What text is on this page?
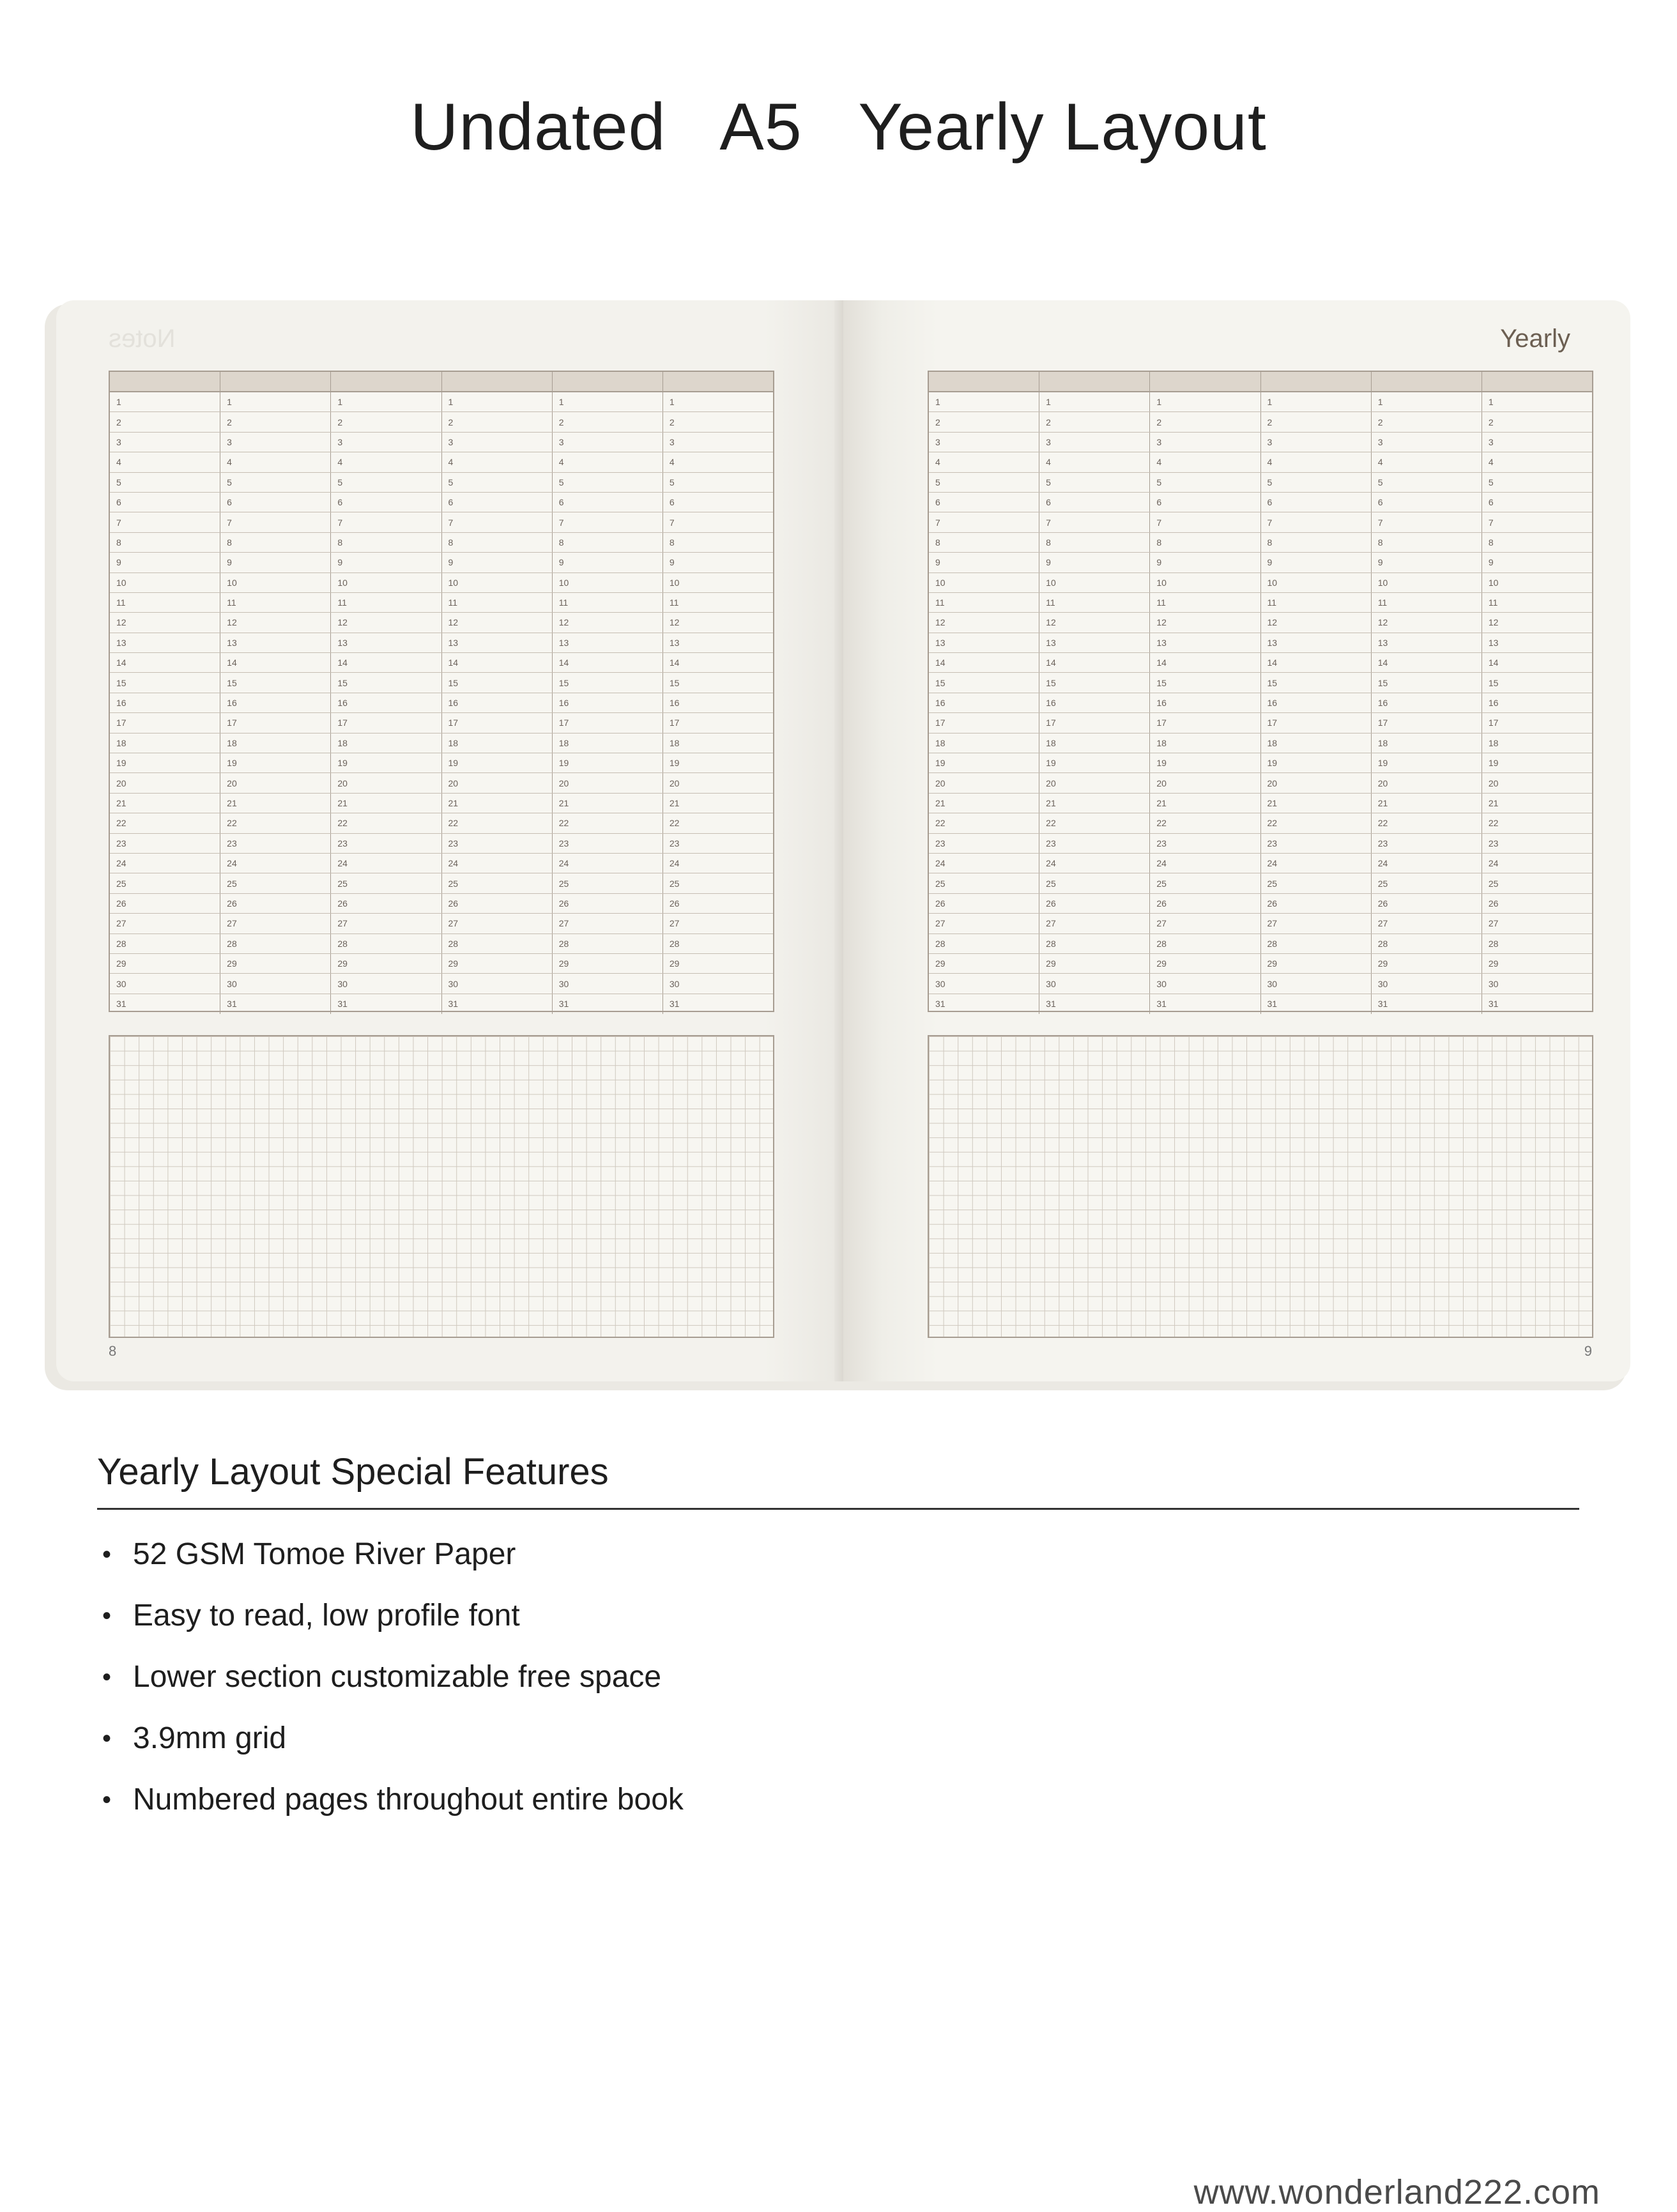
Undated   A5   Yearly Layout
Notes
1	1	1	1	1	1
2	2	2	2	2	2
3	3	3	3	3	3
4	4	4	4	4	4
5	5	5	5	5	5
6	6	6	6	6	6
7	7	7	7	7	7
8	8	8	8	8	8
9	9	9	9	9	9
10	10	10	10	10	10
11	11	11	11	11	11
12	12	12	12	12	12
13	13	13	13	13	13
14	14	14	14	14	14
15	15	15	15	15	15
16	16	16	16	16	16
17	17	17	17	17	17
18	18	18	18	18	18
19	19	19	19	19	19
20	20	20	20	20	20
21	21	21	21	21	21
22	22	22	22	22	22
23	23	23	23	23	23
24	24	24	24	24	24
25	25	25	25	25	25
26	26	26	26	26	26
27	27	27	27	27	27
28	28	28	28	28	28
29	29	29	29	29	29
30	30	30	30	30	30
31	31	31	31	31	31
8
Yearly
1	1	1	1	1	1
2	2	2	2	2	2
3	3	3	3	3	3
4	4	4	4	4	4
5	5	5	5	5	5
6	6	6	6	6	6
7	7	7	7	7	7
8	8	8	8	8	8
9	9	9	9	9	9
10	10	10	10	10	10
11	11	11	11	11	11
12	12	12	12	12	12
13	13	13	13	13	13
14	14	14	14	14	14
15	15	15	15	15	15
16	16	16	16	16	16
17	17	17	17	17	17
18	18	18	18	18	18
19	19	19	19	19	19
20	20	20	20	20	20
21	21	21	21	21	21
22	22	22	22	22	22
23	23	23	23	23	23
24	24	24	24	24	24
25	25	25	25	25	25
26	26	26	26	26	26
27	27	27	27	27	27
28	28	28	28	28	28
29	29	29	29	29	29
30	30	30	30	30	30
31	31	31	31	31	31
9
Yearly Layout Special Features
• 52 GSM Tomoe River Paper
• Easy to read, low profile font
• Lower section customizable free space
• 3.9mm grid
• Numbered pages throughout entire book
www.wonderland222.com
